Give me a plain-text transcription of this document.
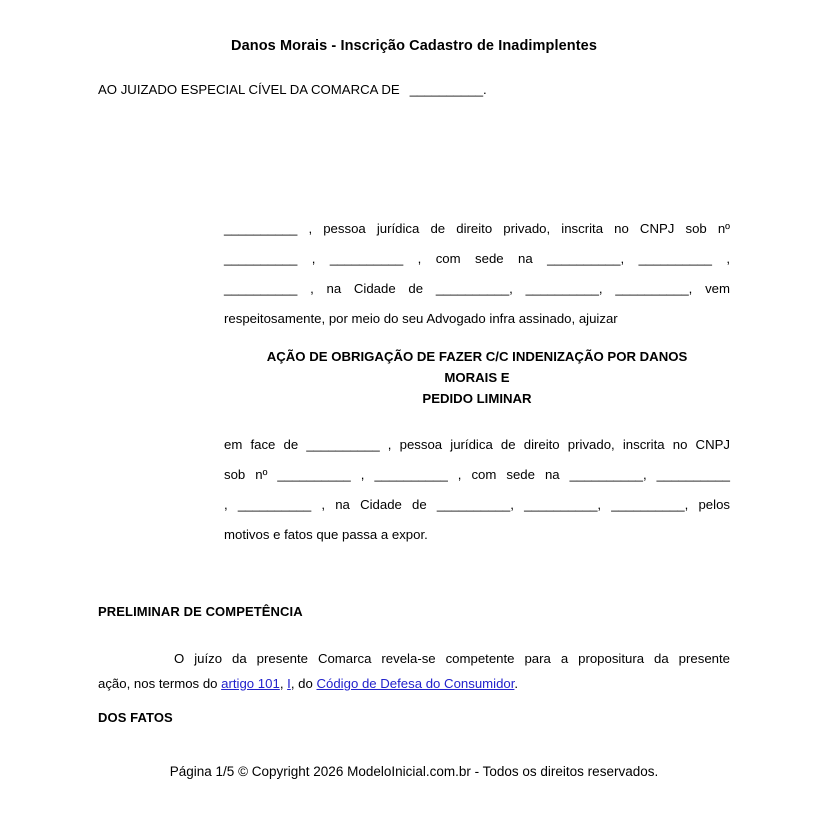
Danos Morais - Inscrição Cadastro de Inadimplentes
AO JUIZADO ESPECIAL CÍVEL DA COMARCA DE __________.
__________ , pessoa jurídica de direito privado, inscrita no CNPJ sob nº
__________ , __________ , com sede na __________, __________ ,
__________ , na Cidade de __________, __________, __________, vem
respeitosamente, por meio do seu Advogado infra assinado, ajuizar
AÇÃO DE OBRIGAÇÃO DE FAZER C/C INDENIZAÇÃO POR DANOS
MORAIS E
PEDIDO LIMINAR
em face de __________ , pessoa jurídica de direito privado, inscrita no CNPJ
sob nº __________ , __________ , com sede na __________, __________
, __________ , na Cidade de __________, __________, __________, pelos
motivos e fatos que passa a expor.
PRELIMINAR DE COMPETÊNCIA
O juízo da presente Comarca revela-se competente para a propositura da presente
ação, nos termos do artigo 101, I, do Código de Defesa do Consumidor.
DOS FATOS
Página 1/5 © Copyright 2026 ModeloInicial.com.br - Todos os direitos reservados.
